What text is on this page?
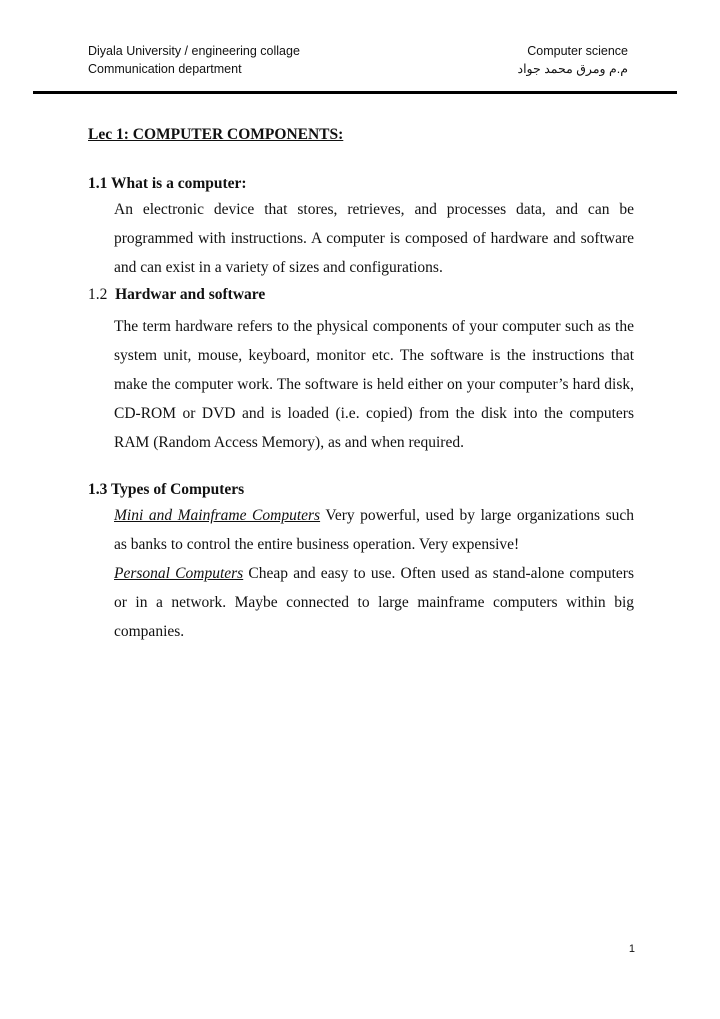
Diyala University / engineering collage
Communication department
Computer science
م.م ومرق محمد جواد

Lec 1: COMPUTER COMPONENTS:

1.1 What is a computer:

An electronic device that stores, retrieves, and processes data, and can be programmed with instructions. A computer is composed of hardware and software and can exist in a variety of sizes and configurations.

1.2 Hardwar and software

The term hardware refers to the physical components of your computer such as the system unit, mouse, keyboard, monitor etc. The software is the instructions that make the computer work. The software is held either on your computer’s hard disk, CD-ROM or DVD and is loaded (i.e. copied) from the disk into the computers RAM (Random Access Memory), as and when required.

1.3 Types of Computers

Mini and Mainframe Computers Very powerful, used by large organizations such as banks to control the entire business operation. Very expensive!

Personal Computers Cheap and easy to use. Often used as stand-alone computers or in a network. Maybe connected to large mainframe computers within big companies.

1
